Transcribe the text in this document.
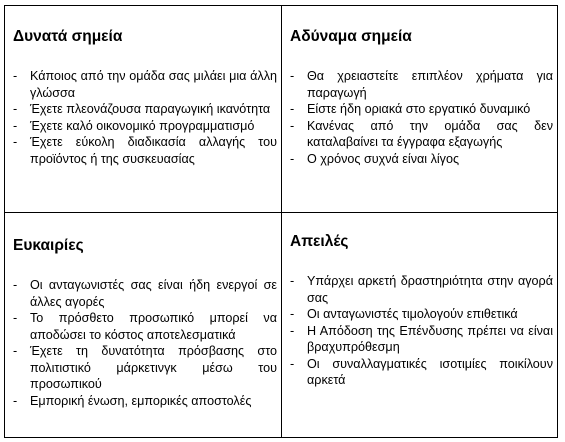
Δυνατά σημεία
- Κάποιος από την ομάδα σας μιλάει μια άλλη γλώσσα
- Έχετε πλεονάζουσα παραγωγική ικανότητα
- Έχετε καλό οικονομικό προγραμματισμό
- Έχετε εύκολη διαδικασία αλλαγής του προϊόντος ή της συσκευασίας
Αδύναμα σημεία
- Θα χρειαστείτε επιπλέον χρήματα για παραγωγή
- Είστε ήδη οριακά στο εργατικό δυναμικό
- Κανένας από την ομάδα σας δεν καταλαβαίνει τα έγγραφα εξαγωγής
- Ο χρόνος συχνά είναι λίγος
Ευκαιρίες
- Οι ανταγωνιστές σας είναι ήδη ενεργοί σε άλλες αγορές
- Το πρόσθετο προσωπικό μπορεί να αποδώσει το κόστος αποτελεσματικά
- Έχετε τη δυνατότητα πρόσβασης στο πολιτιστικό μάρκετινγκ μέσω του προσωπικού
- Εμπορική ένωση, εμπορικές αποστολές
Απειλές
- Υπάρχει αρκετή δραστηριότητα στην αγορά σας
- Οι ανταγωνιστές τιμολογούν επιθετικά
- Η Απόδοση της Επένδυσης πρέπει να είναι βραχυπρόθεσμη
- Οι συναλλαγματικές ισοτιμίες ποικίλουν αρκετά
